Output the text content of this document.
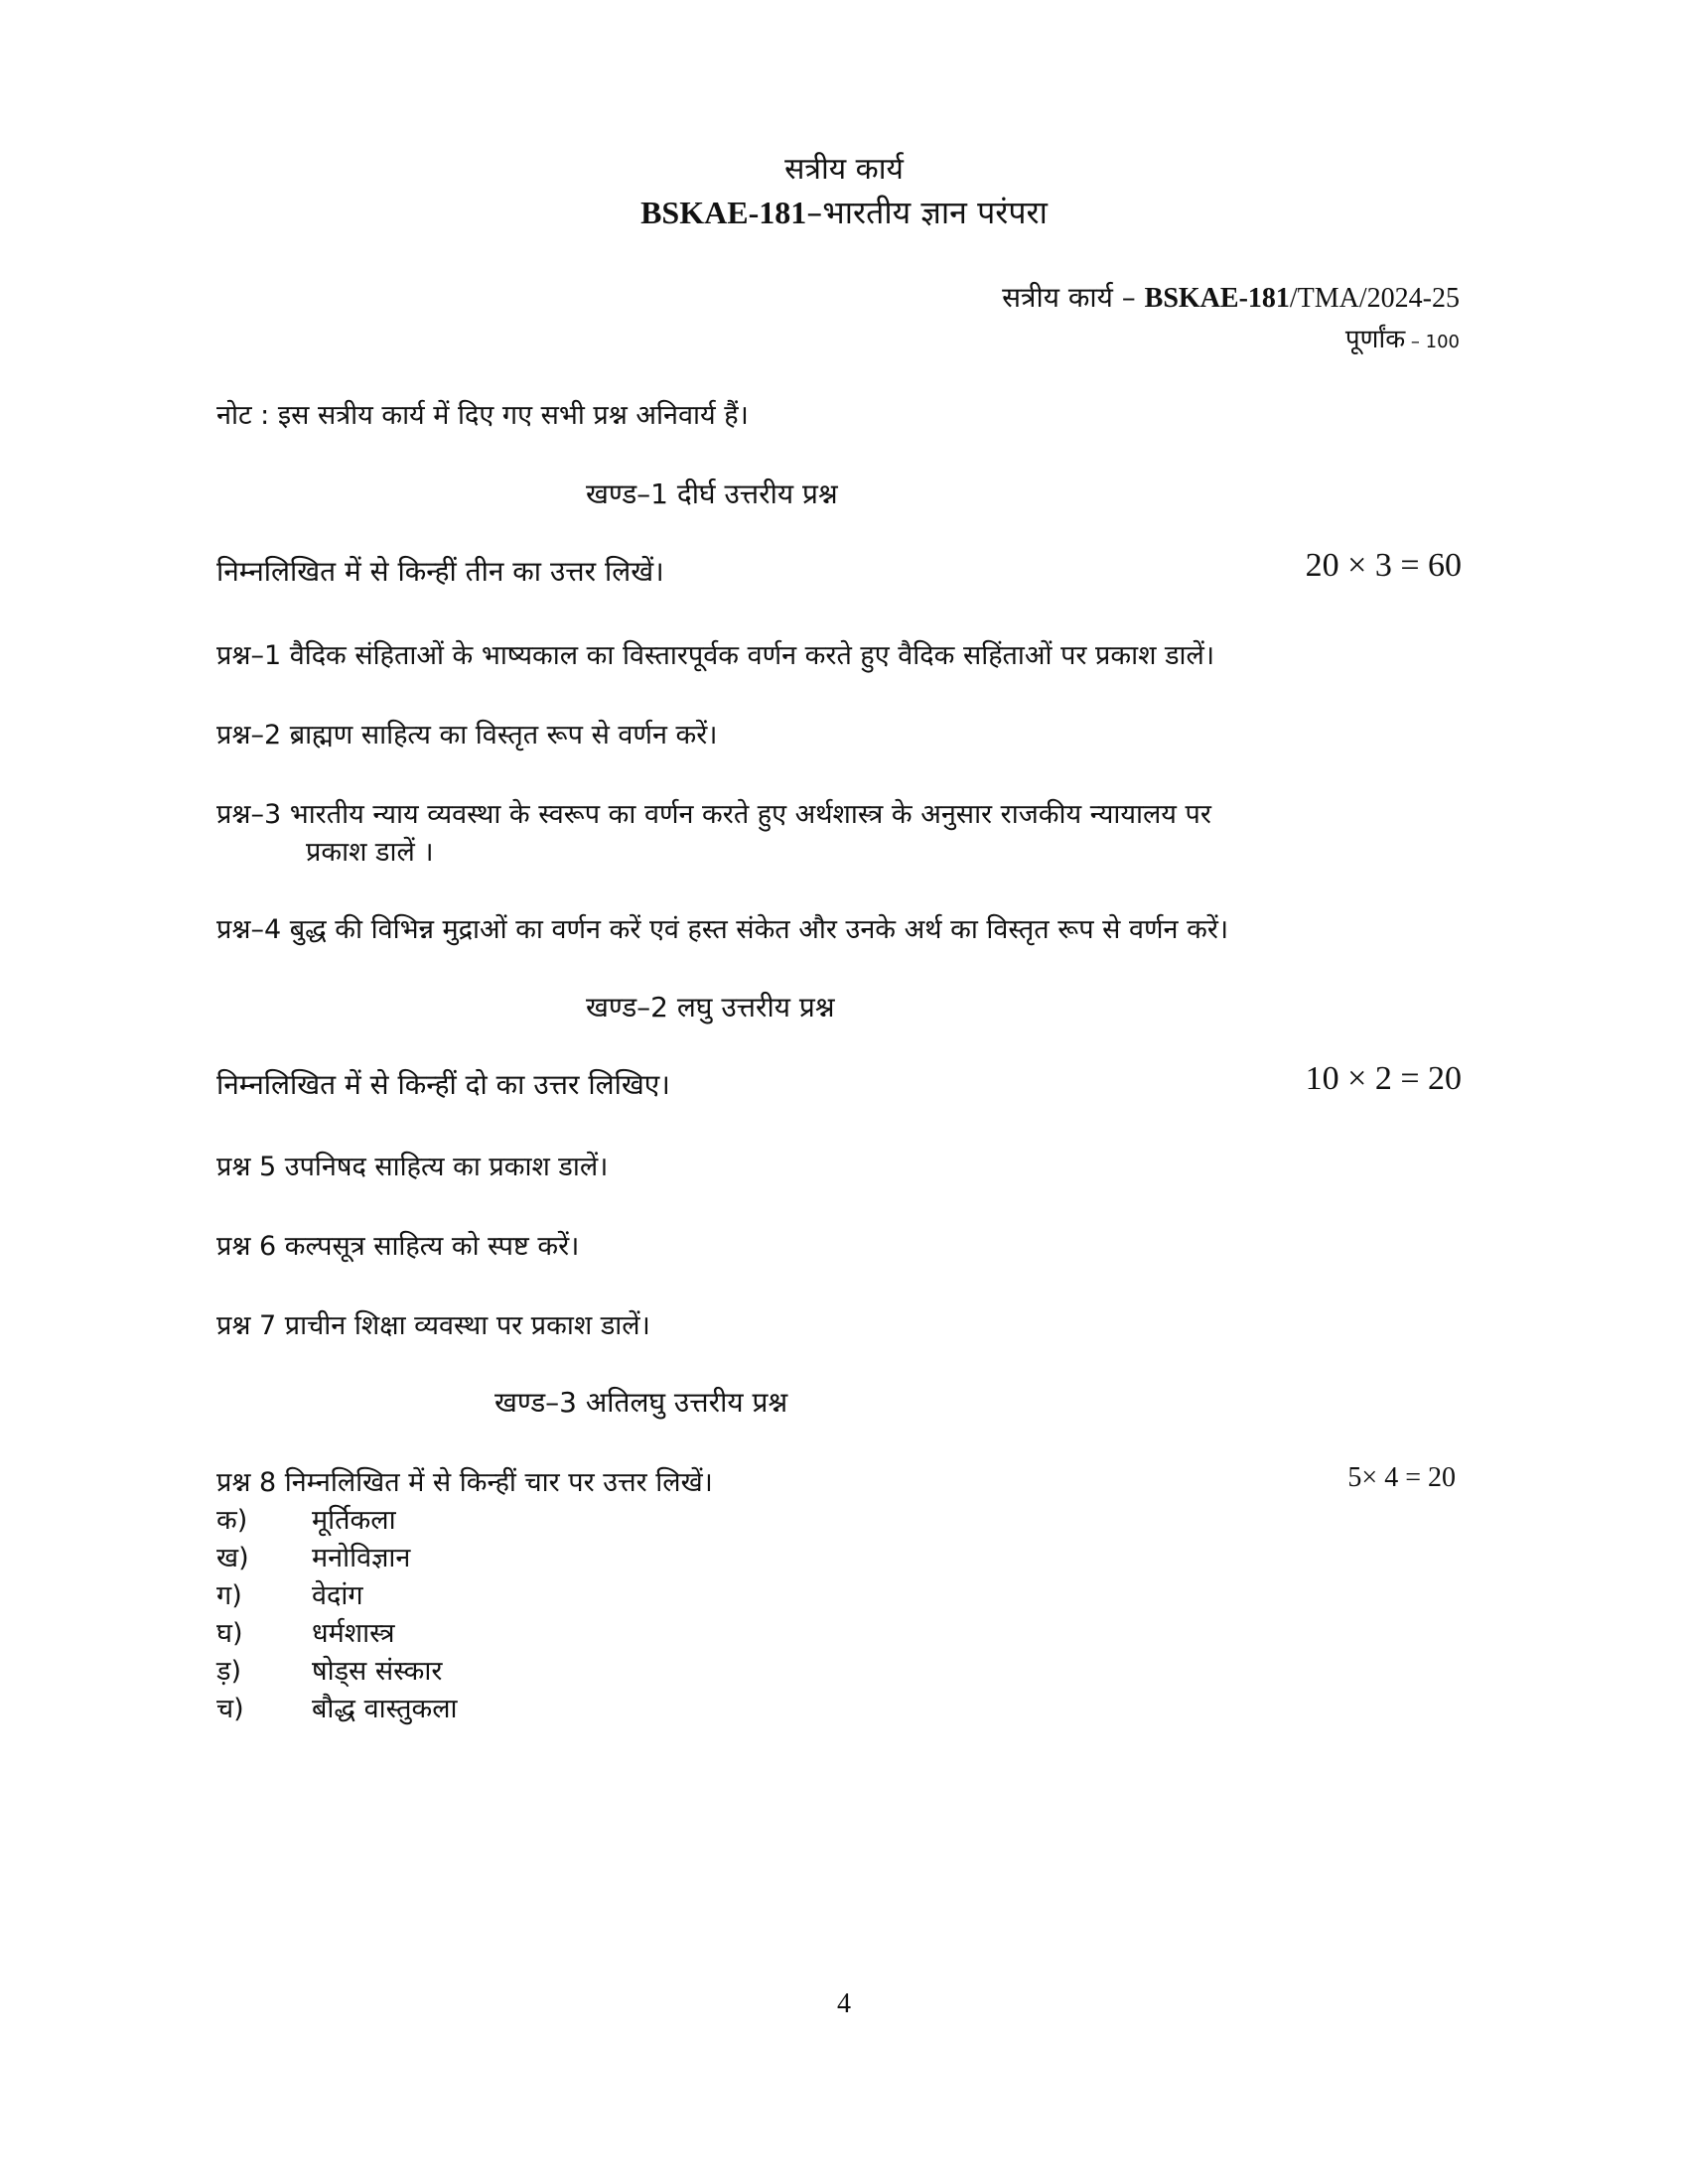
सत्रीय कार्य
BSKAE-181–भारतीय ज्ञान परंपरा
सत्रीय कार्य – BSKAE-181/TMA/2024-25
पूर्णांक – 100
नोट : इस सत्रीय कार्य में दिए गए सभी प्रश्न अनिवार्य हैं।
खण्ड–1 दीर्घ उत्तरीय प्रश्न
निम्नलिखित में से किन्हीं तीन का उत्तर लिखें।	20 × 3 = 60
प्रश्न–1 वैदिक संहिताओं के भाष्यकाल का विस्तारपूर्वक वर्णन करते हुए वैदिक सहिंताओं पर प्रकाश डालें।
प्रश्न–2 ब्राह्मण साहित्य का विस्तृत रूप से वर्णन करें।
प्रश्न–3 भारतीय न्याय व्यवस्था के स्वरूप का वर्णन करते हुए अर्थशास्त्र के अनुसार राजकीय न्यायालय पर
प्रकाश डालें ।
प्रश्न–4 बुद्ध की विभिन्न मुद्राओं का वर्णन करें एवं हस्त संकेत और उनके अर्थ का विस्तृत रूप से वर्णन करें।
खण्ड–2 लघु उत्तरीय प्रश्न
निम्नलिखित में से किन्हीं दो का उत्तर लिखिए।	10 × 2 = 20
प्रश्न 5 उपनिषद साहित्य का प्रकाश डालें।
प्रश्न 6 कल्पसूत्र साहित्य को स्पष्ट करें।
प्रश्न 7 प्राचीन शिक्षा व्यवस्था पर प्रकाश डालें।
खण्ड–3 अतिलघु उत्तरीय प्रश्न
प्रश्न 8 निम्नलिखित में से किन्हीं चार पर उत्तर लिखें।	5× 4 = 20
क) मूर्तिकला
ख) मनोविज्ञान
ग)	वेदांग
घ)	धर्मशास्त्र
ड़)	षोड्स संस्कार
च)	बौद्ध वास्तुकला
4
